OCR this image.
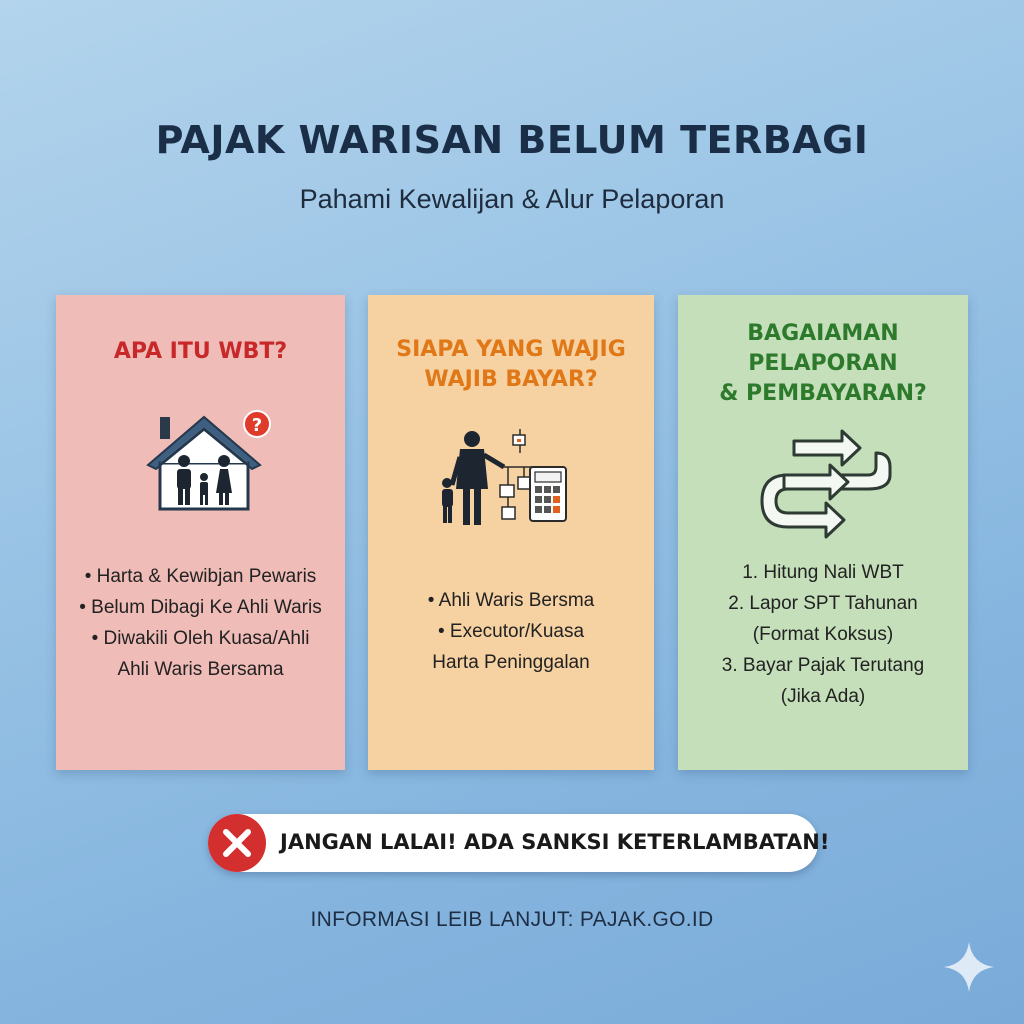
PAJAK WARISAN BELUM TERBAGI
Pahami Kewalijan & Alur Pelaporan
APA ITU WBT?
?
• Harta & Kewibjan Pewaris
• Belum Dibagi Ke Ahli Waris
• Diwakili Oleh Kuasa/Ahli
Ahli Waris Bersama
SIAPA YANG WAJIG
WAJIB BAYAR?
• Ahli Waris Bersma
• Executor/Kuasa
Harta Peninggalan
BAGAIAMAN
PELAPORAN
& PEMBAYARAN?
1. Hitung Nali WBT
2. Lapor SPT Tahunan
(Format Koksus)
3. Bayar Pajak Terutang
(Jika Ada)
JANGAN LALAI! ADA SANKSI KETERLAMBATAN!
INFORMASI LEIB LANJUT: PAJAK.GO.ID
